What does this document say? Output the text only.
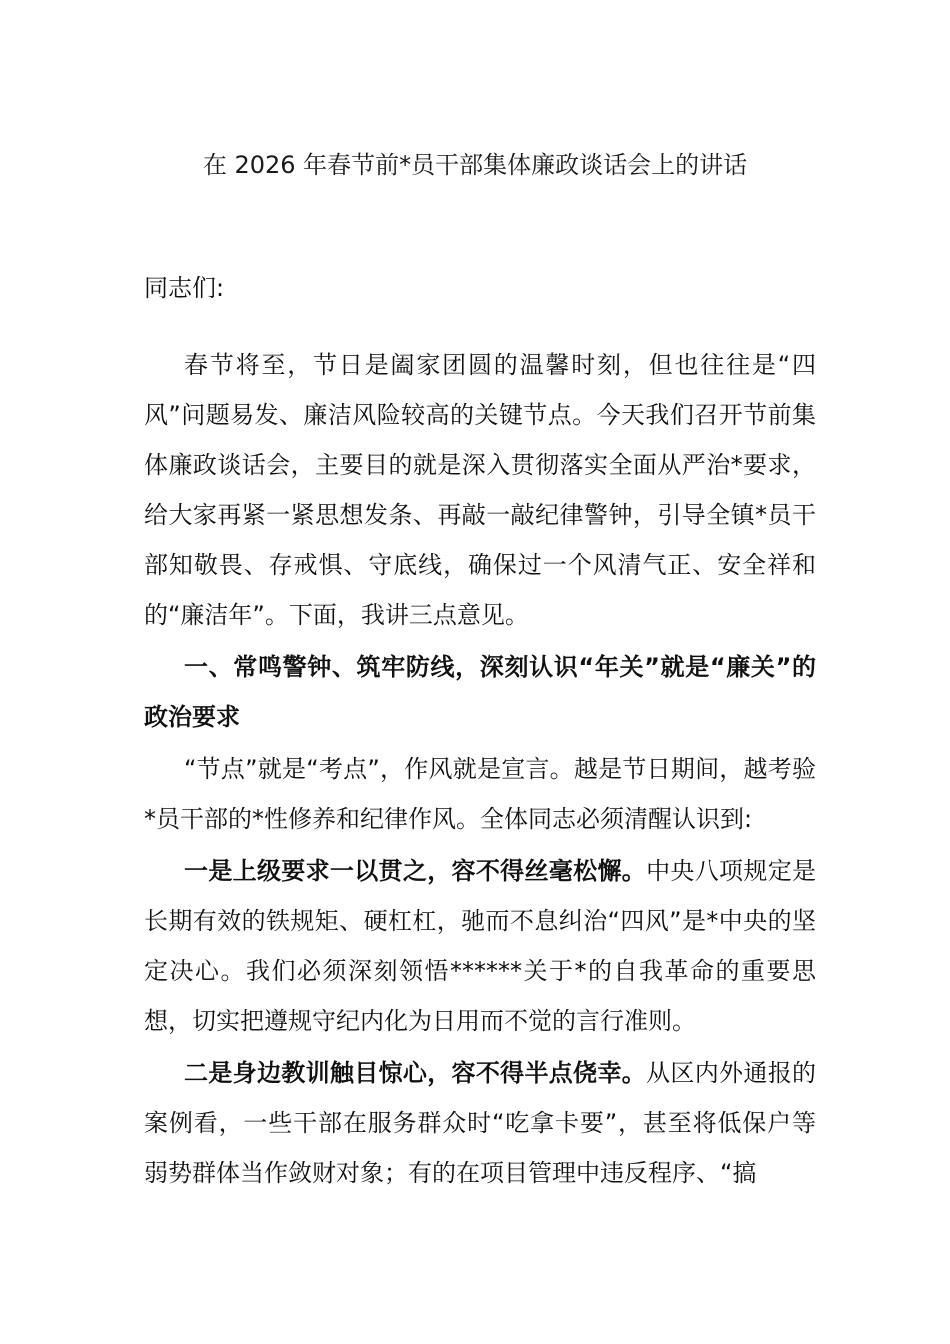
在 2026 年春节前*员干部集体廉政谈话会上的讲话

同志们:

春节将至，节日是阖家团圆的温馨时刻，但也往往是“四风”问题易发、廉洁风险较高的关键节点。今天我们召开节前集体廉政谈话会，主要目的就是深入贯彻落实全面从严治*要求，给大家再紧一紧思想发条、再敲一敲纪律警钟，引导全镇*员干部知敬畏、存戒惧、守底线，确保过一个风清气正、安全祥和的“廉洁年”。下面，我讲三点意见。

一、常鸣警钟、筑牢防线，深刻认识“年关”就是“廉关”的政治要求

“节点”就是“考点”，作风就是宣言。越是节日期间，越考验*员干部的*性修养和纪律作风。全体同志必须清醒认识到:

一是上级要求一以贯之，容不得丝毫松懈。中央八项规定是长期有效的铁规矩、硬杠杠，驰而不息纠治“四风”是*中央的坚定决心。我们必须深刻领悟******关于*的自我革命的重要思想，切实把遵规守纪内化为日用而不觉的言行准则。

二是身边教训触目惊心，容不得半点侥幸。从区内外通报的案例看，一些干部在服务群众时“吃拿卡要”，甚至将低保户等弱势群体当作敛财对象；有的在项目管理中违反程序、“搞
